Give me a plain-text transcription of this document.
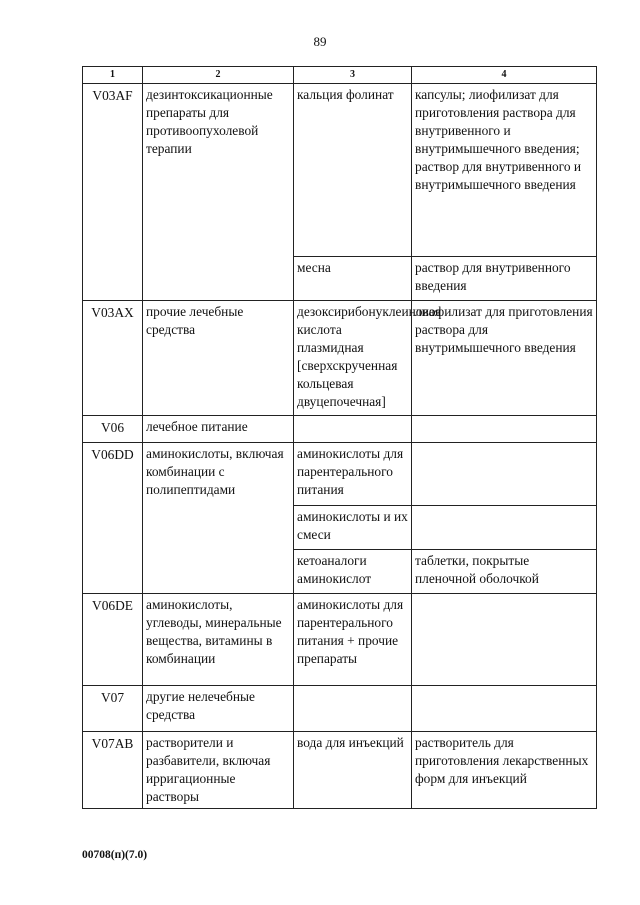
89
1	2	3	4
V03AF	дезинтоксикационные препараты для противоопухолевой терапии	кальция фолинат	капсулы; лиофилизат для приготовления раствора для внутривенного и внутримышечного введения; раствор для внутривенного и внутримышечного введения
		месна	раствор для внутривенного введения
V03AX	прочие лечебные средства	дезоксирибонуклеиновая кислота плазмидная [сверхскрученная кольцевая двуцепочечная]	лиофилизат для приготовления раствора для внутримышечного введения
V06	лечебное питание		
V06DD	аминокислоты, включая комбинации с полипептидами	аминокислоты для парентерального питания	
		аминокислоты и их смеси	
		кетоаналоги аминокислот	таблетки, покрытые пленочной оболочкой
V06DE	аминокислоты, углеводы, минеральные вещества, витамины в комбинации	аминокислоты для парентерального питания + прочие препараты	
V07	другие нелечебные средства		
V07AB	растворители и разбавители, включая ирригационные растворы	вода для инъекций	растворитель для приготовления лекарственных форм для инъекций
00708(п)(7.0)
